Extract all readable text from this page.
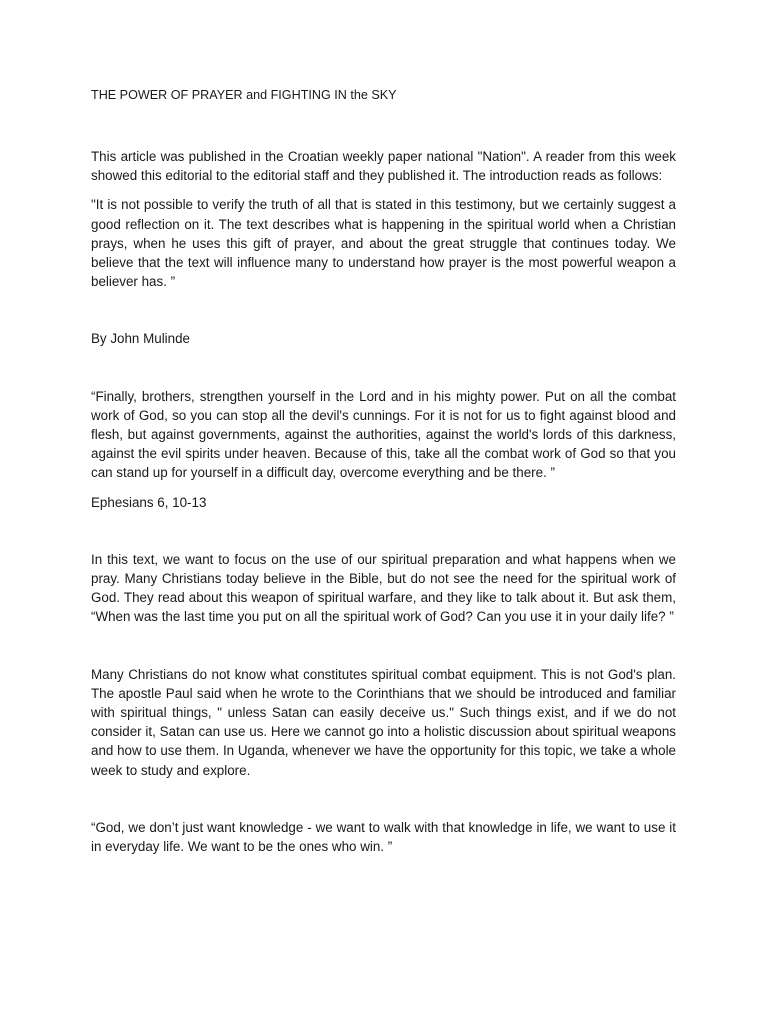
THE POWER OF PRAYER and FIGHTING IN the SKY

This article was published in the Croatian weekly paper national "Nation". A reader from this week showed this editorial to the editorial staff and they published it. The introduction reads as follows:

"It is not possible to verify the truth of all that is stated in this testimony, but we certainly suggest a good reflection on it. The text describes what is happening in the spiritual world when a Christian prays, when he uses this gift of prayer, and about the great struggle that continues today. We believe that the text will influence many to understand how prayer is the most powerful weapon a believer has. ”

By John Mulinde

“Finally, brothers, strengthen yourself in the Lord and in his mighty power. Put on all the combat work of God, so you can stop all the devil's cunnings. For it is not for us to fight against blood and flesh, but against governments, against the authorities, against the world's lords of this darkness, against the evil spirits under heaven. Because of this, take all the combat work of God so that you can stand up for yourself in a difficult day, overcome everything and be there. ”

Ephesians 6, 10-13

In this text, we want to focus on the use of our spiritual preparation and what happens when we pray. Many Christians today believe in the Bible, but do not see the need for the spiritual work of God. They read about this weapon of spiritual warfare, and they like to talk about it. But ask them, “When was the last time you put on all the spiritual work of God? Can you use it in your daily life? ”

Many Christians do not know what constitutes spiritual combat equipment. This is not God's plan. The apostle Paul said when he wrote to the Corinthians that we should be introduced and familiar with spiritual things, " unless Satan can easily deceive us." Such things exist, and if we do not consider it, Satan can use us. Here we cannot go into a holistic discussion about spiritual weapons and how to use them. In Uganda, whenever we have the opportunity for this topic, we take a whole week to study and explore.

“God, we don’t just want knowledge - we want to walk with that knowledge in life, we want to use it in everyday life. We want to be the ones who win. ”
